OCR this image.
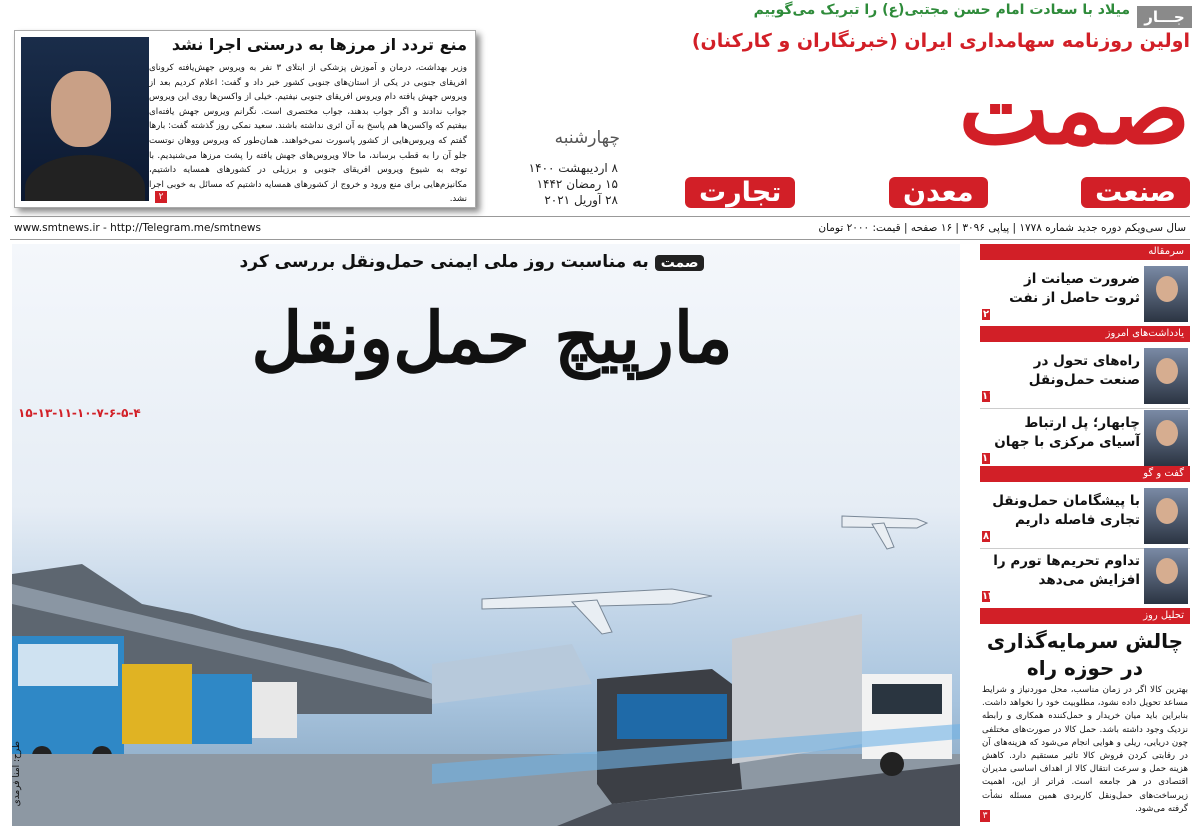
میلاد با سعادت امام حسن مجتبی(ع) را تبریک می‌گوییم جـــار
اولین روزنامه سهامداری ایران (خبرنگاران و کارکنان)
صمت
صنعت
معدن
تجارت
چهارشنبه
۸ اردیبهشت ۱۴۰۰
۱۵ رمضان ۱۴۴۲
۲۸ آوریل ۲۰۲۱
منع تردد از مرزها به درستی اجرا نشد
وزیر بهداشت، درمان و آموزش پزشکی از ابتلای ۳ نفر به ویروس جهش‌یافته کرونای افریقای جنوبی در یکی از استان‌های جنوبی کشور خبر داد و گفت: اعلام کردیم بعد از ویروس جهش یافته دام ویروس افریقای جنوبی نیفتیم. خیلی از واکسن‌ها روی این ویروس جواب ندادند و اگر جواب بدهند، جواب مختصری است. نگرانم ویروس جهش یافته‌ای بیفتیم که واکسن‌ها هم پاسخ به آن اثری نداشته باشند. سعید نمکی روز گذشته گفت: بارها گفتم که ویروس‌هایی از کشور پاسورت نمی‌خواهند. همان‌طور که ویروس ووهان نوتست جلو آن را به قطب برساند، ما حالا ویروس‌های جهش یافته را پشت مرزها می‌شنیدیم. با توجه به شیوع ویروس افریقای جنوبی و برزیلی در کشورهای همسایه داشتیم، مکانیزم‌هایی برای منع ورود و خروج از کشورهای همسایه داشتیم که مسائل به خوبی اجرا نشد.
۲
سال سی‌و‌یکم دوره جدید شماره ۱۷۷۸ | پیاپی ۳۰۹۶ | ۱۶ صفحه | قیمت: ۲۰۰۰ تومان
www.smtnews.ir - http://Telegram.me/smtnews
صمتبه مناسبت روز ملی ایمنی حمل‌و‌نقل بررسی کرد
مارپیچ حمل‌و‌نقل
۱۵-۱۳-۱۱-۱۰-۷-۶-۵-۴
طرح: آمنا فرمدی
سرمقاله
ضرورت صیانت از ثروت حاصل از نفت
۲
یادداشت‌های امروز
راه‌های تحول در صنعت حمل‌و‌نقل
۱۱
چابهار؛ پل ارتباط آسیای مرکزی با جهان
۱۰
گفت‌ و گو
با پیشگامان حمل‌ونقل تجاری فاصله داریم
۸
تداوم تحریم‌ها تورم را افزایش می‌دهد
۱۲
تحلیل روز
چالش سرمایه‌گذاری در حوزه راه
بهترین کالا اگر در زمان مناسب، محل موردنیاز و شرایط مساعد تحویل داده نشود، مطلوبیت خود را نخواهد داشت. بنابراین باید میان خریدار و حمل‌کننده همکاری و رابطه نزدیک وجود داشته باشد. حمل کالا در صورت‌های مختلفی چون دریایی، ریلی و هوایی انجام می‌شود که هزینه‌های آن در رقابتی کردن فروش کالا تاثیر مستقیم دارد. کاهش هزینه حمل و سرعت انتقال کالا از اهداف اساسی مدیران اقتصادی در هر جامعه است. فراتر از این، اهمیت زیرساخت‌های حمل‌ونقل کاربردی همین مسئله نشأت گرفته می‌شود.
۳
